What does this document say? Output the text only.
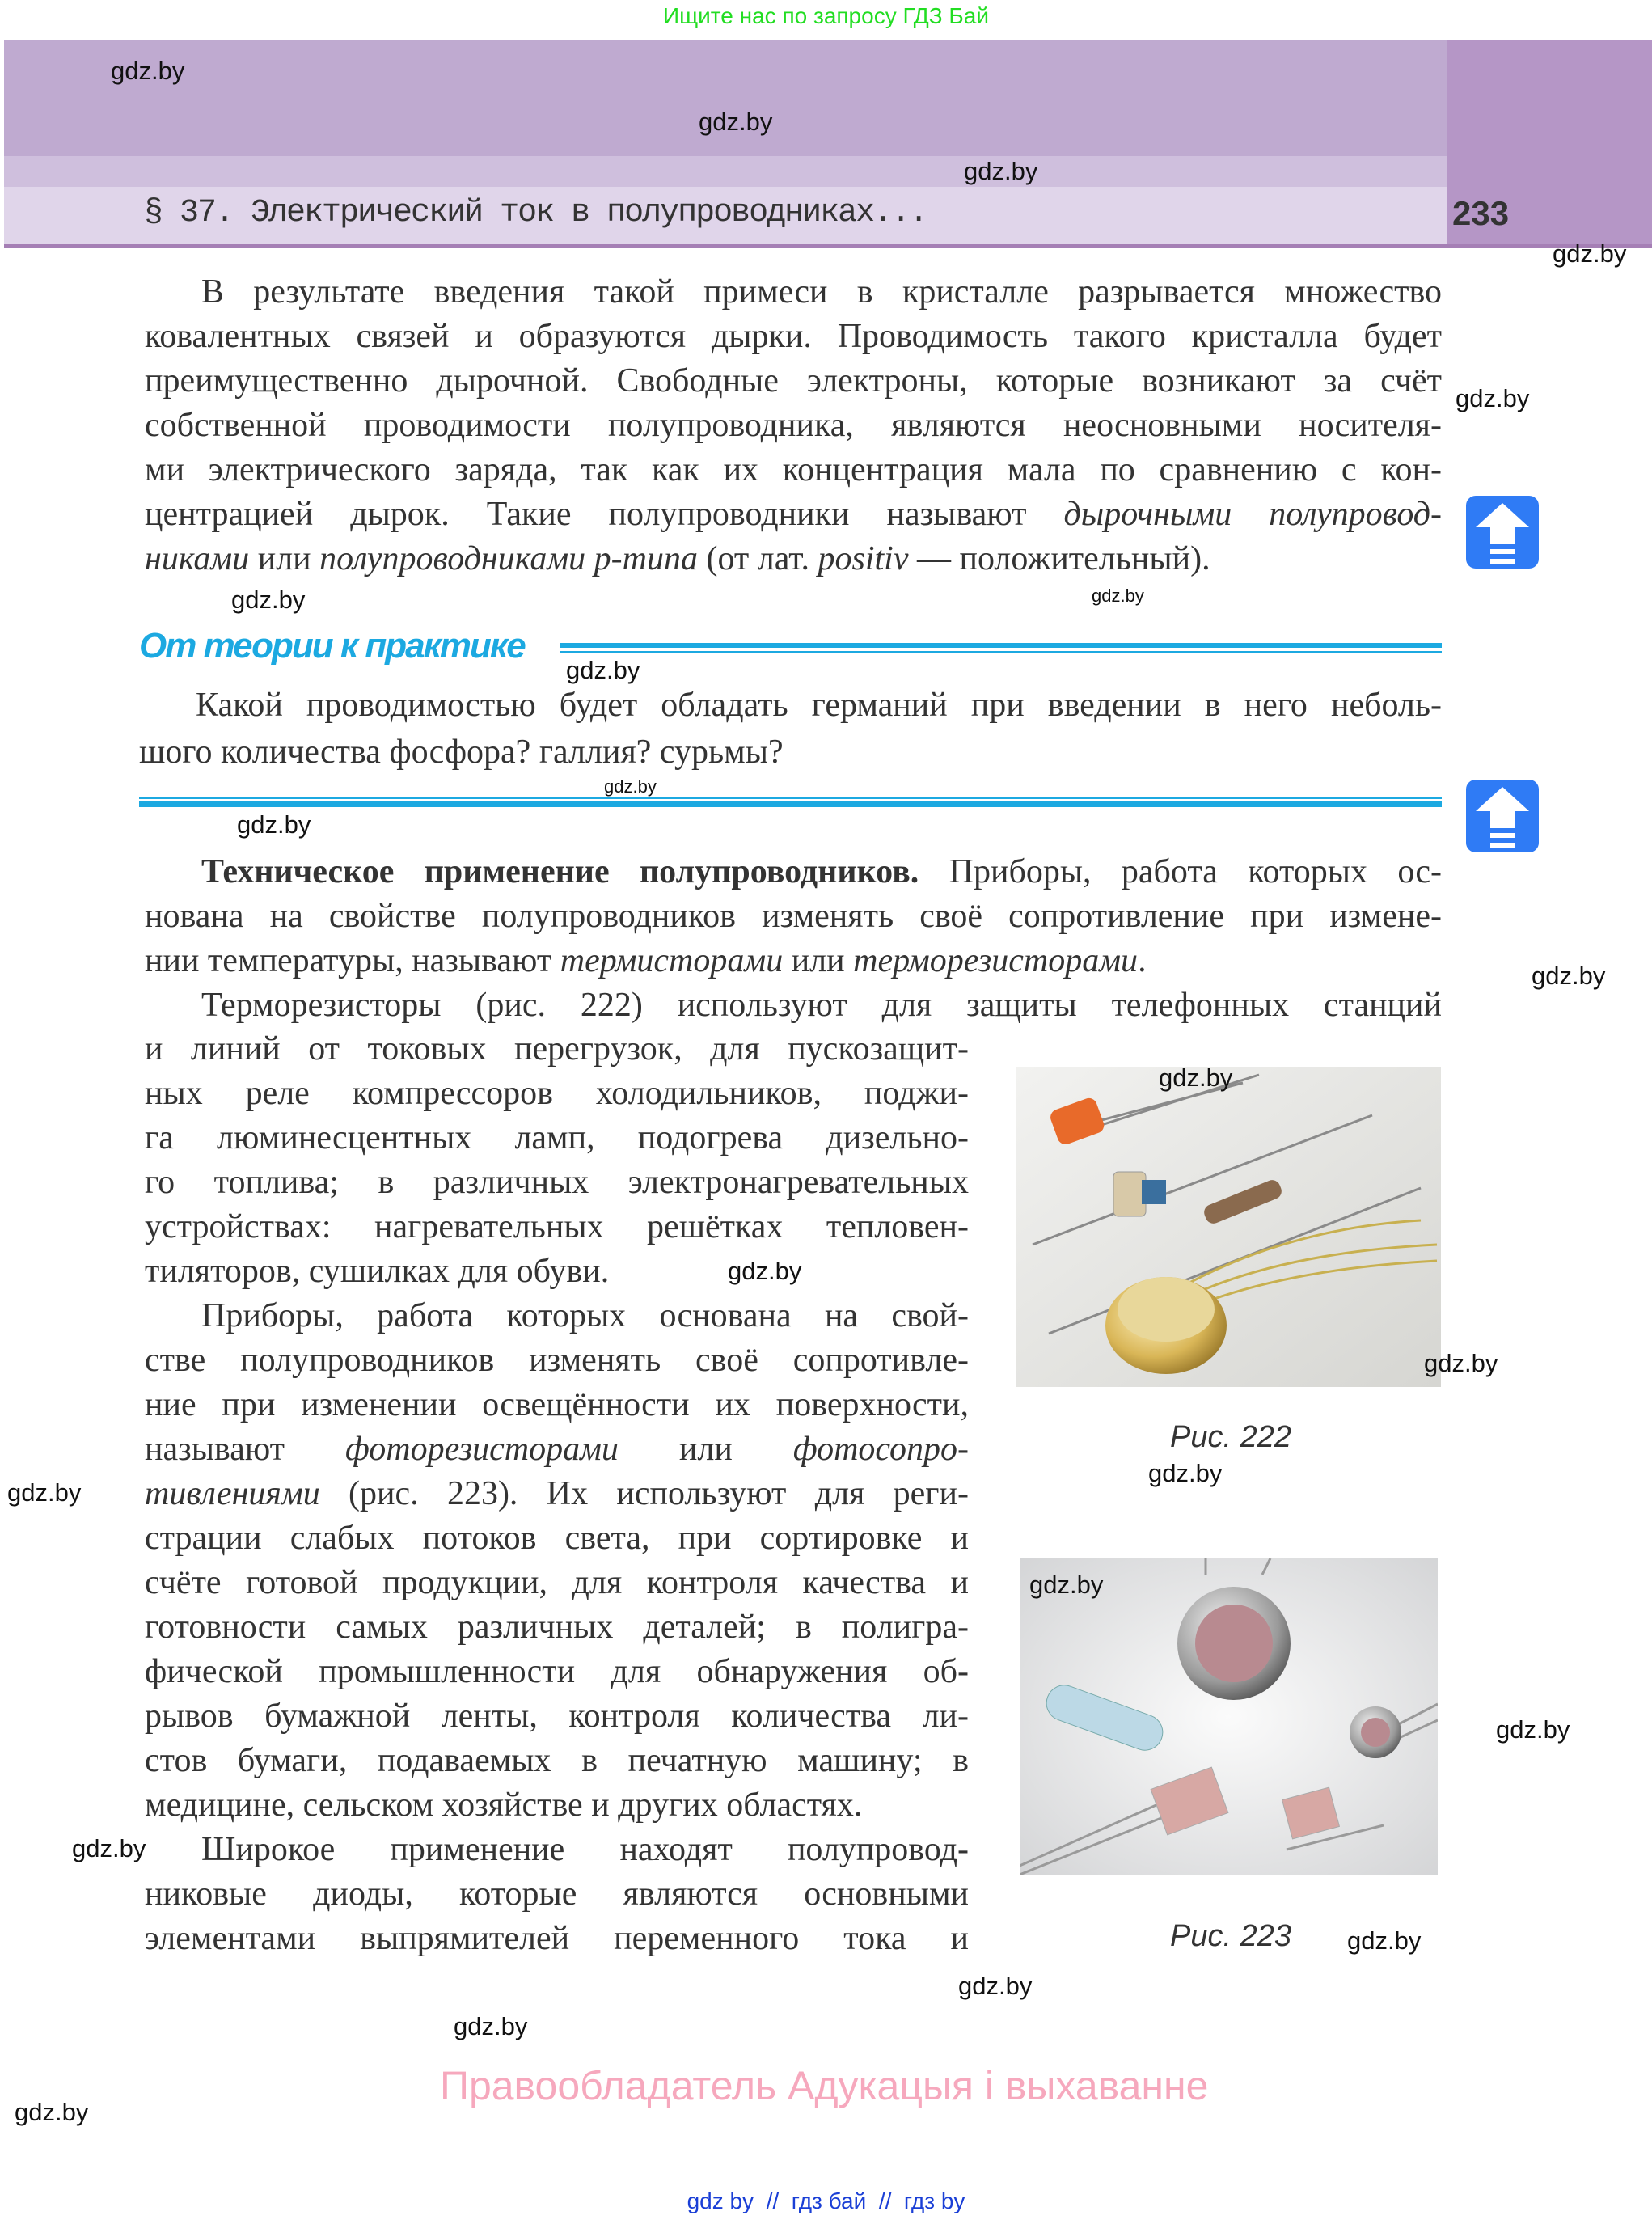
Ищите нас по запросу ГДЗ Бай
§ 37. Электрический ток в полупроводниках...	233
В результате введения такой примеси в кристалле разрывается множество
ковалентных связей и образуются дырки. Проводимость такого кристалла будет
преимущественно дырочной. Свободные электроны, которые возникают за счёт
собственной проводимости полупроводника, являются неосновными носителя-
ми электрического заряда, так как их концентрация мала по сравнению с кон-
центрацией дырок. Такие полупроводники называют дырочными полупровод-
никами или полупроводниками p-типа (от лат. positiv — положительный).
От теории к практике
Какой проводимостью будет обладать германий при введении в него неболь-
шого количества фосфора? галлия? сурьмы?
Техническое применение полупроводников. Приборы, работа которых ос-
нована на свойстве полупроводников изменять своё сопротивление при измене-
нии температуры, называют термисторами или терморезисторами.
Терморезисторы (рис. 222) используют для защиты телефонных станций
и линий от токовых перегрузок, для пускозащит-
ных реле компрессоров холодильников, поджи-
га люминесцентных ламп, подогрева дизельно-
го топлива; в различных электронагревательных
устройствах: нагревательных решётках тепловен-
тиляторов, сушилках для обуви.
Приборы, работа которых основана на свой-
стве полупроводников изменять своё сопротивле-
ние при изменении освещённости их поверхности,
называют фоторезисторами или фотосопро-
тивлениями (рис. 223). Их используют для реги-
страции слабых потоков света, при сортировке и
счёте готовой продукции, для контроля качества и
готовности самых различных деталей; в полигра-
фической промышленности для обнаружения об-
рывов бумажной ленты, контроля количества ли-
стов бумаги, подаваемых в печатную машину; в
медицине, сельском хозяйстве и других областях.
Широкое применение находят полупровод-
никовые диоды, которые являются основными
элементами выпрямителей переменного тока и
Рис. 222
Рис. 223
gdz.by
gdz.by
gdz.by
gdz.by
gdz.by
gdz.by
gdz.by
gdz.by
gdz.by
gdz.by
gdz.by
gdz.by
gdz.by
gdz.by
gdz.by
gdz.by
gdz.by
gdz.by
gdz.by
gdz.by
gdz.by
gdz.by
gdz.by
Правообладатель Адукацыя і выхаванне
gdz by  //  гдз бай  //  гдз by
